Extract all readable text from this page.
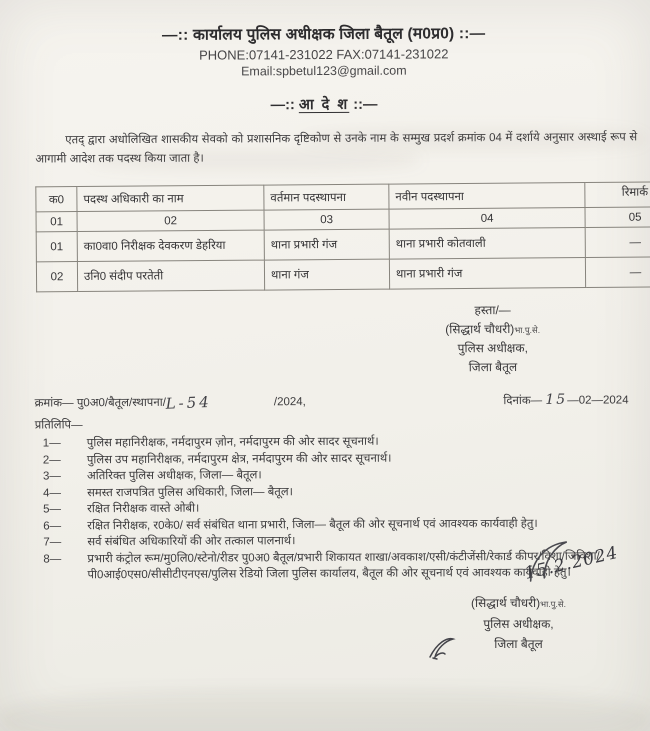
—:: कार्यालय पुलिस अधीक्षक जिला बैतूल (म0प्र0) ::—
PHONE:07141-231022 FAX:07141-231022
Email:spbetul123@gmail.com
—:: आ दे श ::—

एतद् द्वारा अधोलिखित शासकीय सेवको को प्रशासनिक दृष्टिकोण से उनके नाम के सम्मुख प्रदर्श क्रमांक 04 में दर्शाये अनुसार अस्थाई रूप से आगामी आदेश तक पदस्थ किया जाता है।

क0	पदस्थ अधिकारी का नाम	वर्तमान पदस्थापना	नवीन पदस्थापना	रिमार्क
01	02	03	04	05
01	का0वा0 निरीक्षक देवकरण डेहरिया	थाना प्रभारी गंज	थाना प्रभारी कोतवाली	—
02	उनि0 संदीप परतेती	थाना गंज	थाना प्रभारी गंज	—
हस्ता/—
(सिद्धार्थ चौधरी)भा.पु.से.
पुलिस अधीक्षक,
जिला बैतूल
क्रमांक— पु0अ0/बैतूल/स्थापना/L-54	/2024,	दिनांक— 15—02—2024
प्रतिलिपि—
1—	पुलिस महानिरीक्षक, नर्मदापुरम ज़ोन, नर्मदापुरम की ओर सादर सूचनार्थ।
2—	पुलिस उप महानिरीक्षक, नर्मदापुरम क्षेत्र, नर्मदापुरम की ओर सादर सूचनार्थ।
3—	अतिरिक्त पुलिस अधीक्षक, जिला— बैतूल।
4—	समस्त राजपत्रित पुलिस अधिकारी, जिला— बैतूल।
5—	रक्षित निरीक्षक वास्ते ओबी।
6—	रक्षित निरीक्षक, र0के0/ सर्व संबंधित थाना प्रभारी, जिला— बैतूल की ओर सूचनार्थ एवं आवश्यक कार्यवाही हेतु।
7—	सर्व संबंधित अधिकारियों की ओर तत्काल पालनार्थ।
8—	प्रभारी कंट्रोल रूम/मु0लि0/स्टेनो/रीडर पु0अ0 बैतूल/प्रभारी शिकायत शाखा/अवकाश/एसी/कंटीजेंसी/रेकार्ड कीपर/विशा/जिविशा/पी0आई0एस0/सीसीटीएनएस/पुलिस रेडियो जिला पुलिस कार्यालय, बैतूल की ओर सूचनार्थ एवं आवश्यक कार्यवाही हेतु।
15.2.2024
(सिद्धार्थ चौधरी)भा.पु.से.
पुलिस अधीक्षक,
जिला बैतूल
